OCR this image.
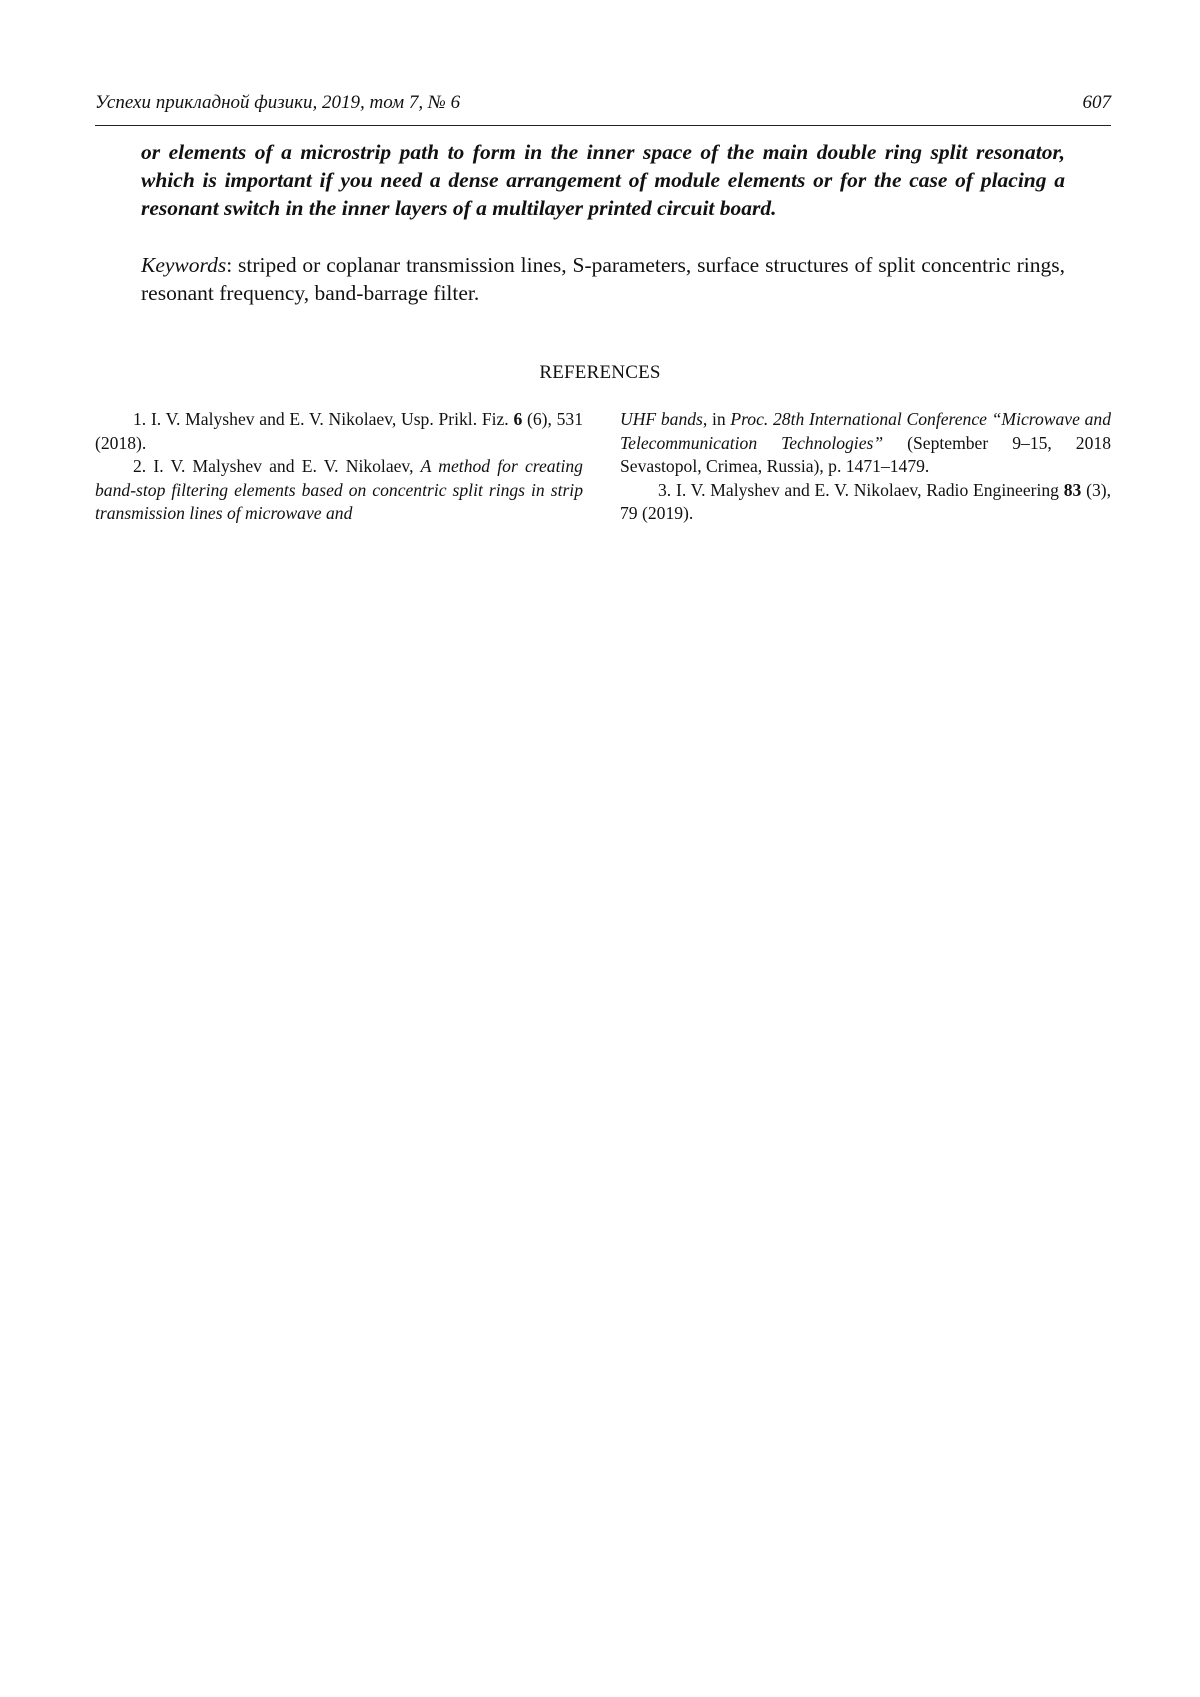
Успехи прикладной физики, 2019, том 7, № 6	607

or elements of a microstrip path to form in the inner space of the main double ring split resonator, which is important if you need a dense arrangement of module elements or for the case of placing a resonant switch in the inner layers of a multilayer printed circuit board.

Keywords: striped or coplanar transmission lines, S-parameters, surface structures of split concentric rings, resonant frequency, band-barrage filter.

REFERENCES

1. I. V. Malyshev and E. V. Nikolaev, Usp. Prikl. Fiz. 6 (6), 531 (2018).

2. I. V. Malyshev and E. V. Nikolaev, A method for creating band-stop filtering elements based on concentric split rings in strip transmission lines of microwave and

UHF bands, in Proc. 28th International Conference “Microwave and Telecommunication Technologies” (September 9–15, 2018 Sevastopol, Crimea, Russia), p. 1471–1479.

3. I. V. Malyshev and E. V. Nikolaev, Radio Engineering 83 (3), 79 (2019).
